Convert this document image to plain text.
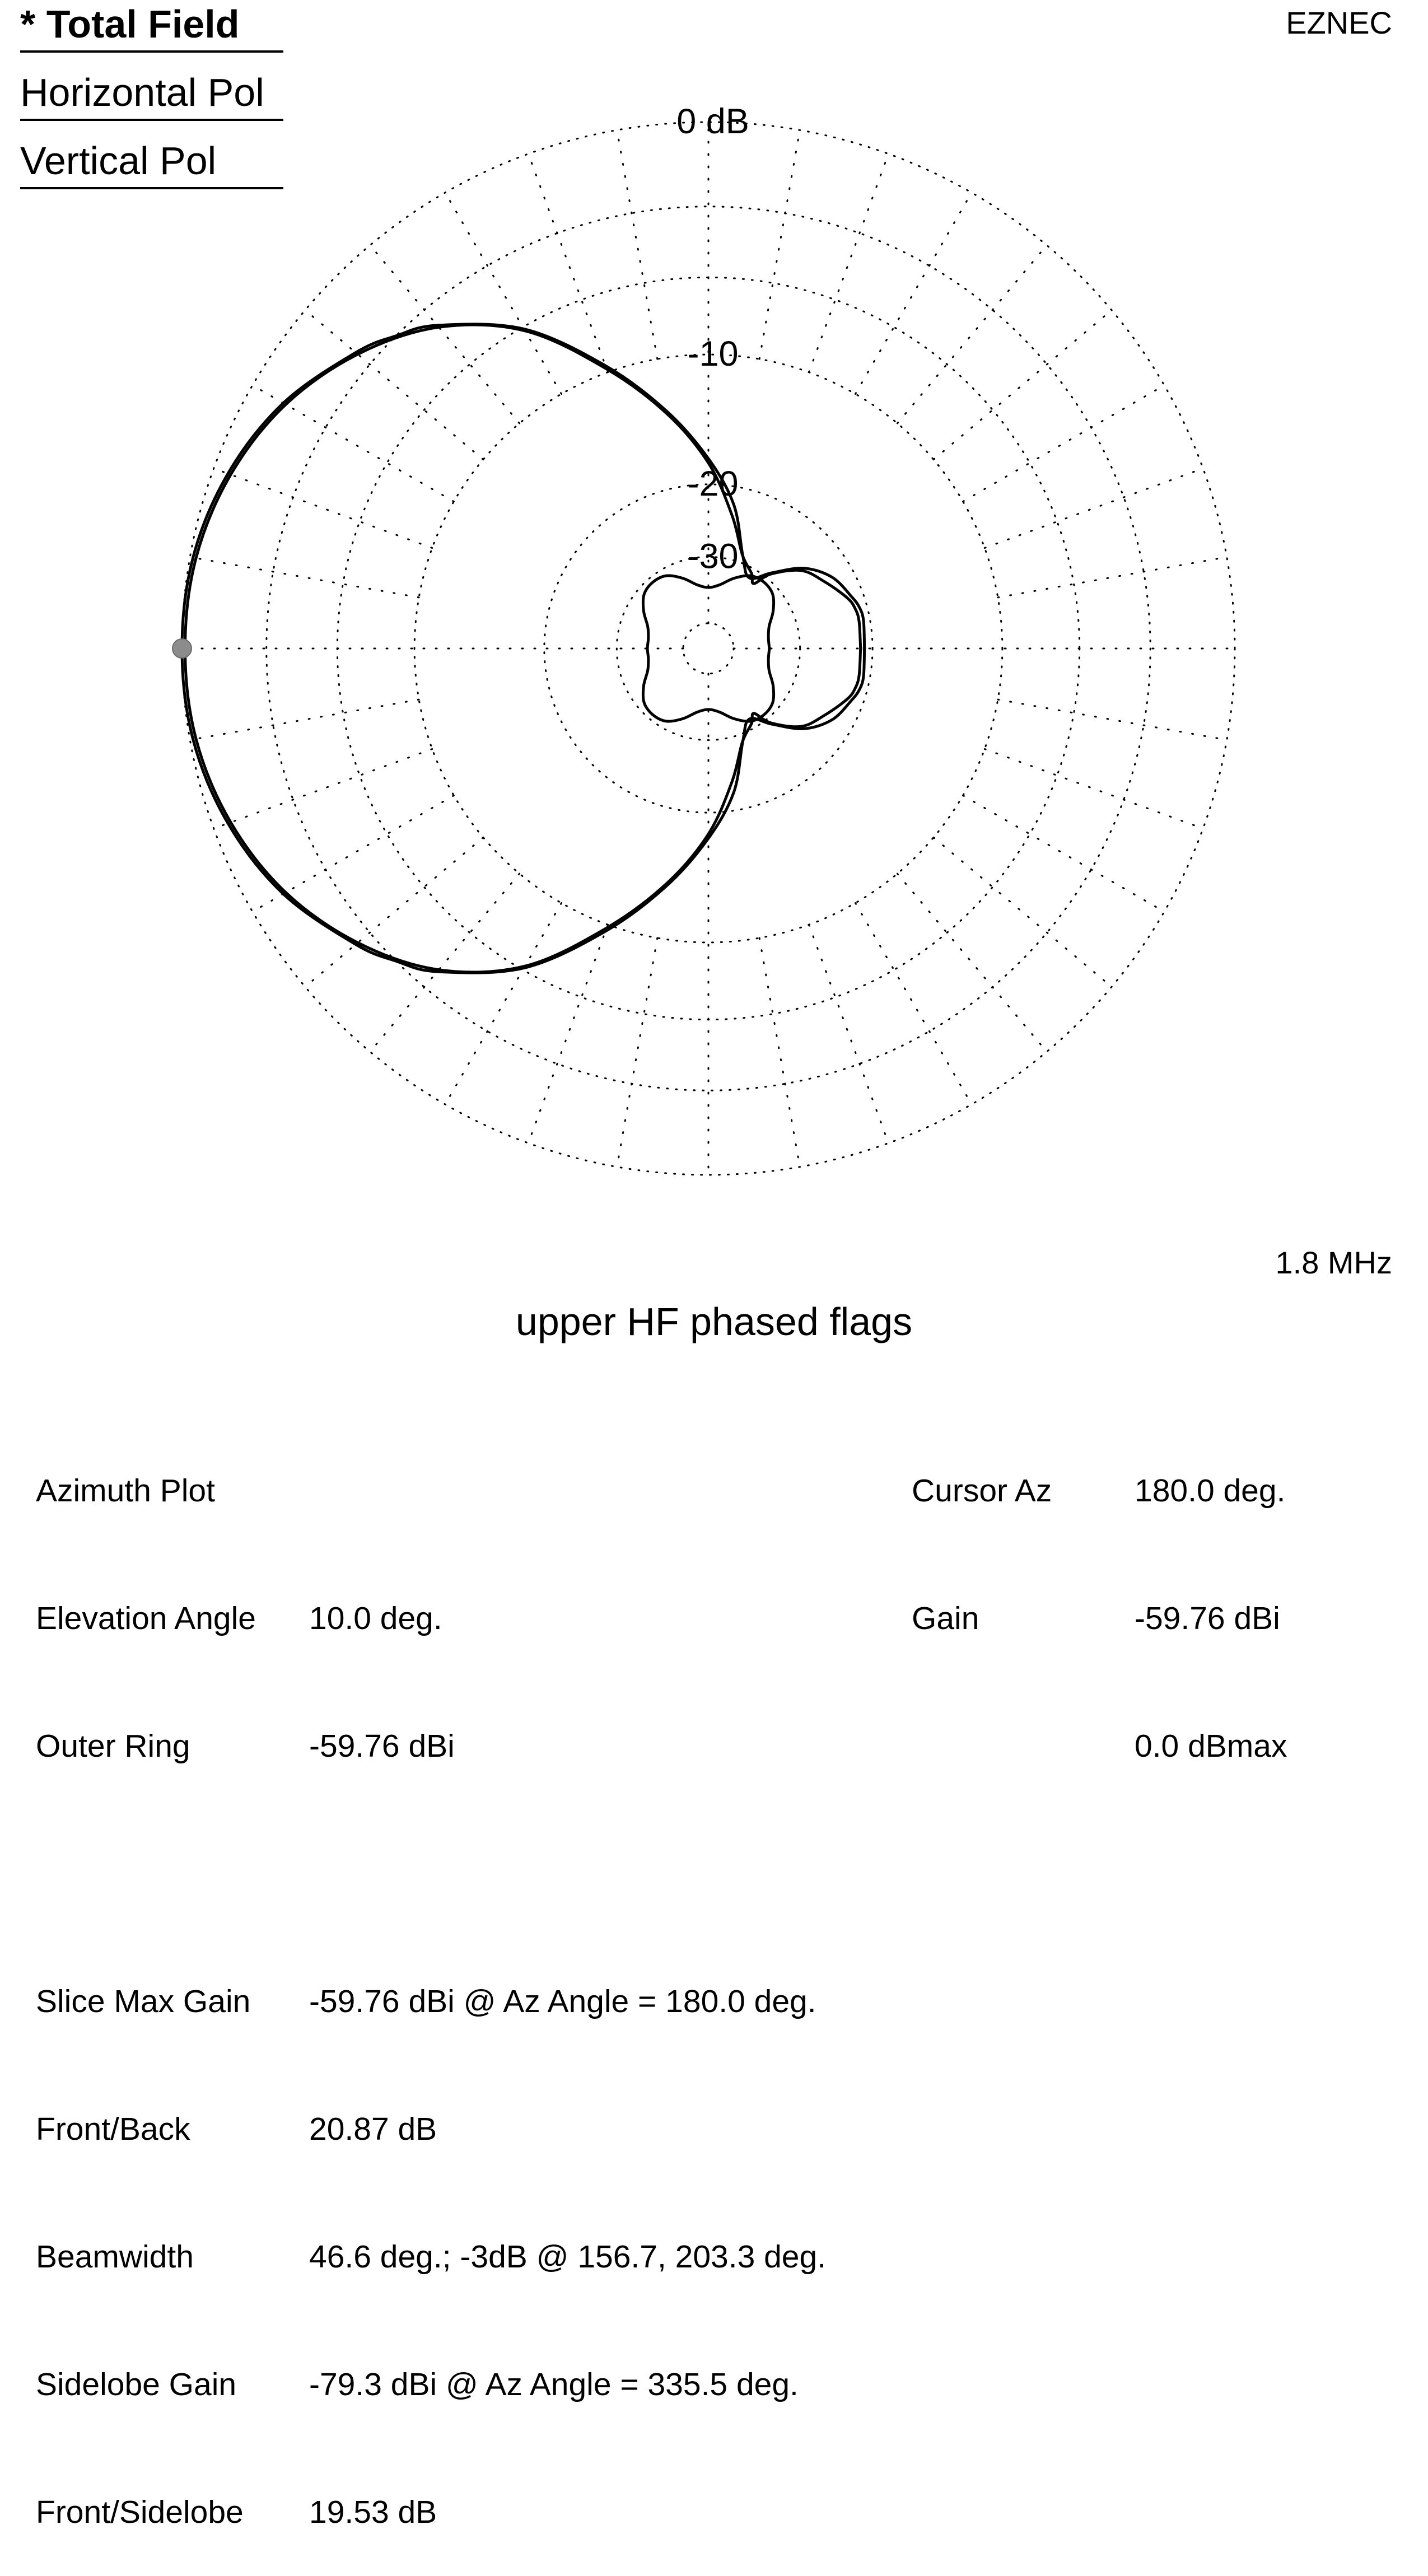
0 dB
-10
-20
-30
* Total Field
Horizontal Pol
Vertical Pol
EZNEC
1.8 MHz
upper HF phased flags

Azimuth Plot

Elevation Angle

Outer Ring

Slice Max Gain

Front/Back

Beamwidth

Sidelobe Gain

Front/Sidelobe

10.0 deg.

-59.76 dBi

-59.76 dBi @ Az Angle = 180.0 deg.

20.87 dB

46.6 deg.; -3dB @ 156.7, 203.3 deg.

-79.3 dBi @ Az Angle = 335.5 deg.

19.53 dB

Cursor Az

Gain

180.0 deg.

-59.76 dBi

0.0 dBmax
